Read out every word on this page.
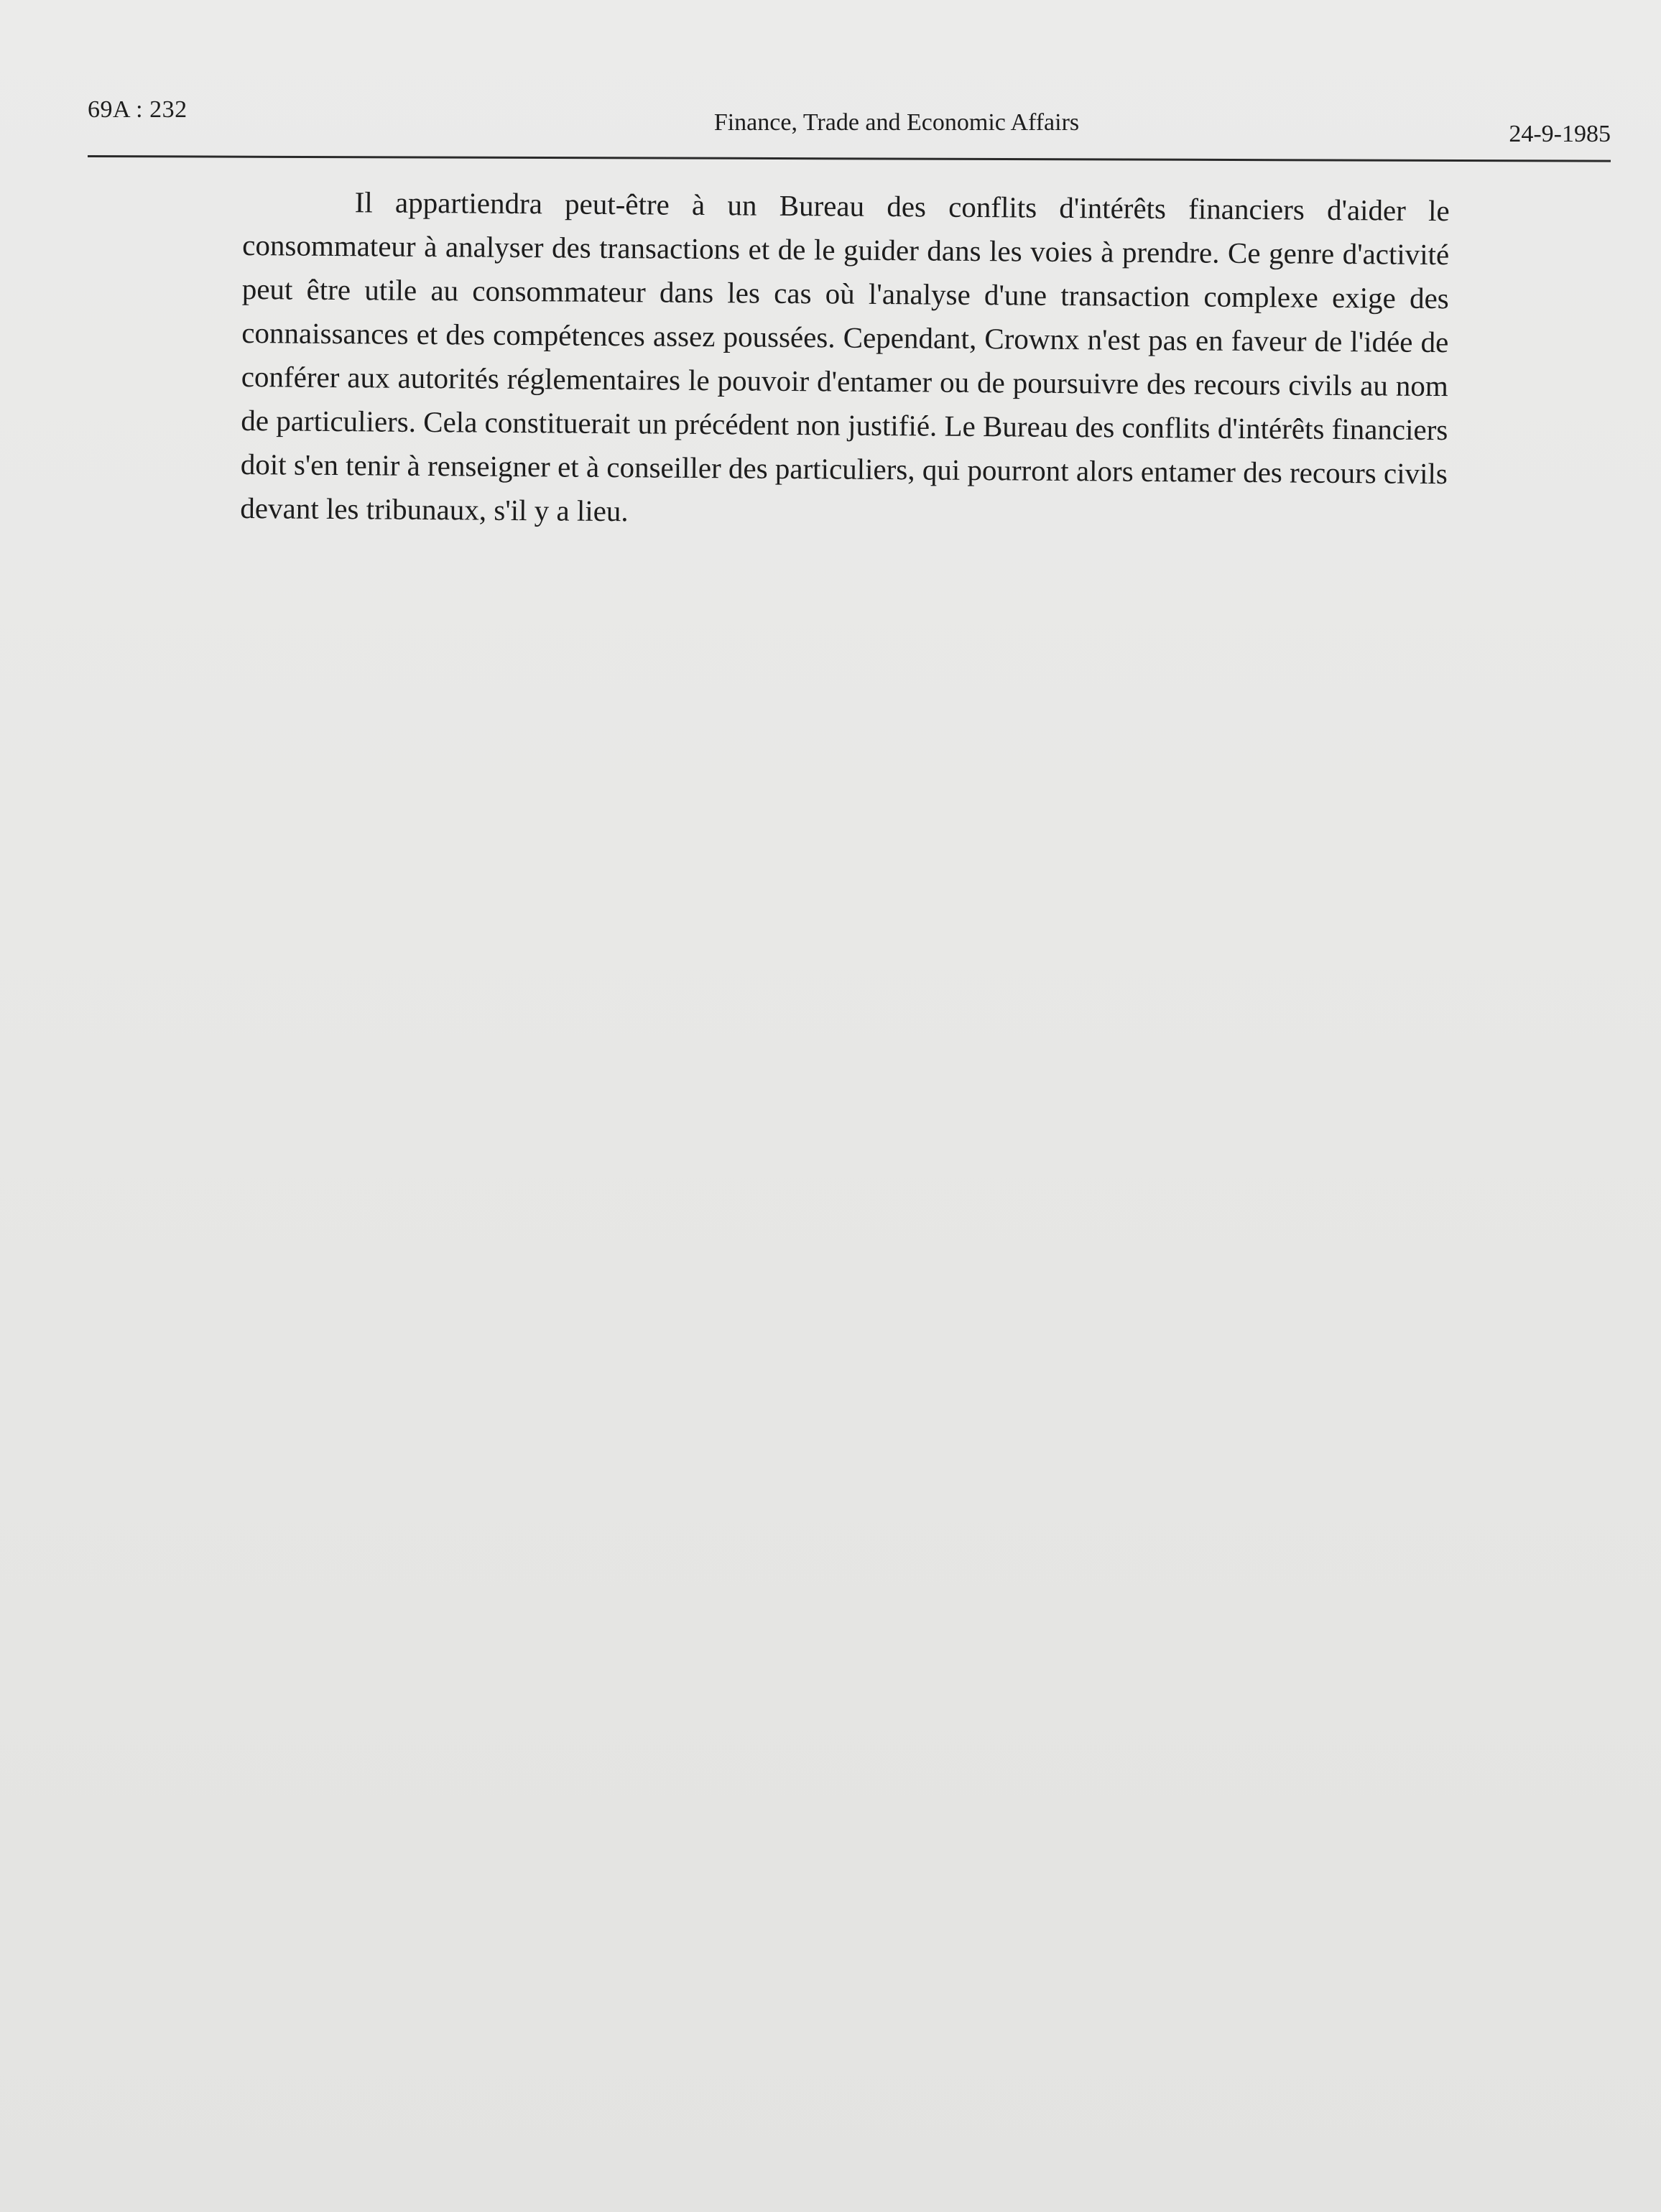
69A : 232	Finance, Trade and Economic Affairs	24-9-1985

Il appartiendra peut-être à un Bureau des conflits d'intérêts financiers d'aider le consommateur à analyser des transactions et de le guider dans les voies à prendre. Ce genre d'activité peut être utile au consommateur dans les cas où l'analyse d'une transaction complexe exige des connaissances et des compétences assez poussées. Cependant, Crownx n'est pas en faveur de l'idée de conférer aux autorités réglementaires le pouvoir d'entamer ou de poursuivre des recours civils au nom de particuliers. Cela constituerait un précédent non justifié. Le Bureau des conflits d'intérêts financiers doit s'en tenir à renseigner et à conseiller des particuliers, qui pourront alors entamer des recours civils devant les tribunaux, s'il y a lieu.
